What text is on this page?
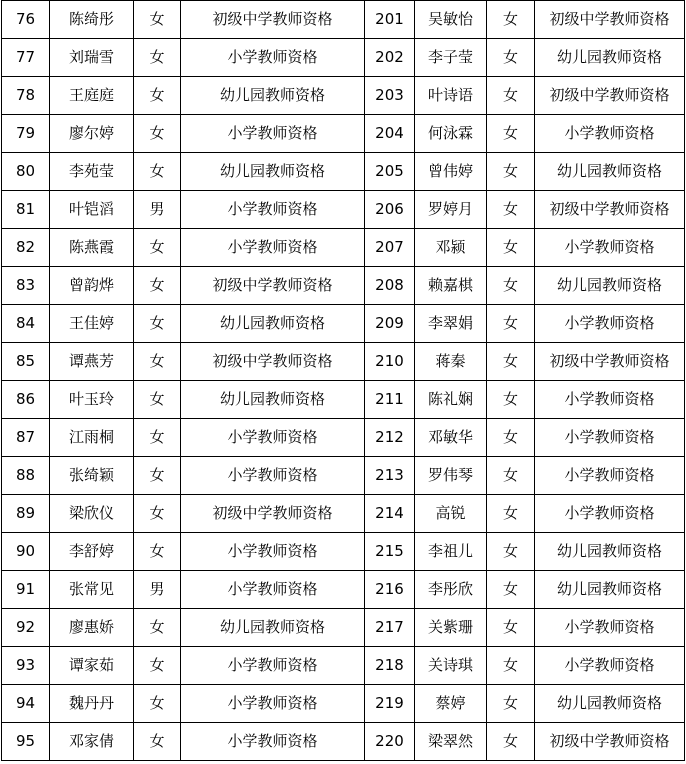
76	陈绮彤	女	初级中学教师资格	201	吴敏怡	女	初级中学教师资格
77	刘瑞雪	女	小学教师资格	202	李子莹	女	幼儿园教师资格
78	王庭庭	女	幼儿园教师资格	203	叶诗语	女	初级中学教师资格
79	廖尔婷	女	小学教师资格	204	何泳霖	女	小学教师资格
80	李苑莹	女	幼儿园教师资格	205	曾伟婷	女	幼儿园教师资格
81	叶铠滔	男	小学教师资格	206	罗婷月	女	初级中学教师资格
82	陈燕霞	女	小学教师资格	207	邓颍	女	小学教师资格
83	曾韵烨	女	初级中学教师资格	208	赖嘉棋	女	幼儿园教师资格
84	王佳婷	女	幼儿园教师资格	209	李翠娟	女	小学教师资格
85	谭燕芳	女	初级中学教师资格	210	蒋秦	女	初级中学教师资格
86	叶玉玲	女	幼儿园教师资格	211	陈礼娴	女	小学教师资格
87	江雨桐	女	小学教师资格	212	邓敏华	女	小学教师资格
88	张绮颖	女	小学教师资格	213	罗伟琴	女	小学教师资格
89	梁欣仪	女	初级中学教师资格	214	高锐	女	小学教师资格
90	李舒婷	女	小学教师资格	215	李祖儿	女	幼儿园教师资格
91	张常见	男	小学教师资格	216	李彤欣	女	幼儿园教师资格
92	廖惠娇	女	幼儿园教师资格	217	关紫珊	女	小学教师资格
93	谭家茹	女	小学教师资格	218	关诗琪	女	小学教师资格
94	魏丹丹	女	小学教师资格	219	蔡婷	女	幼儿园教师资格
95	邓家倩	女	小学教师资格	220	梁翠然	女	初级中学教师资格
